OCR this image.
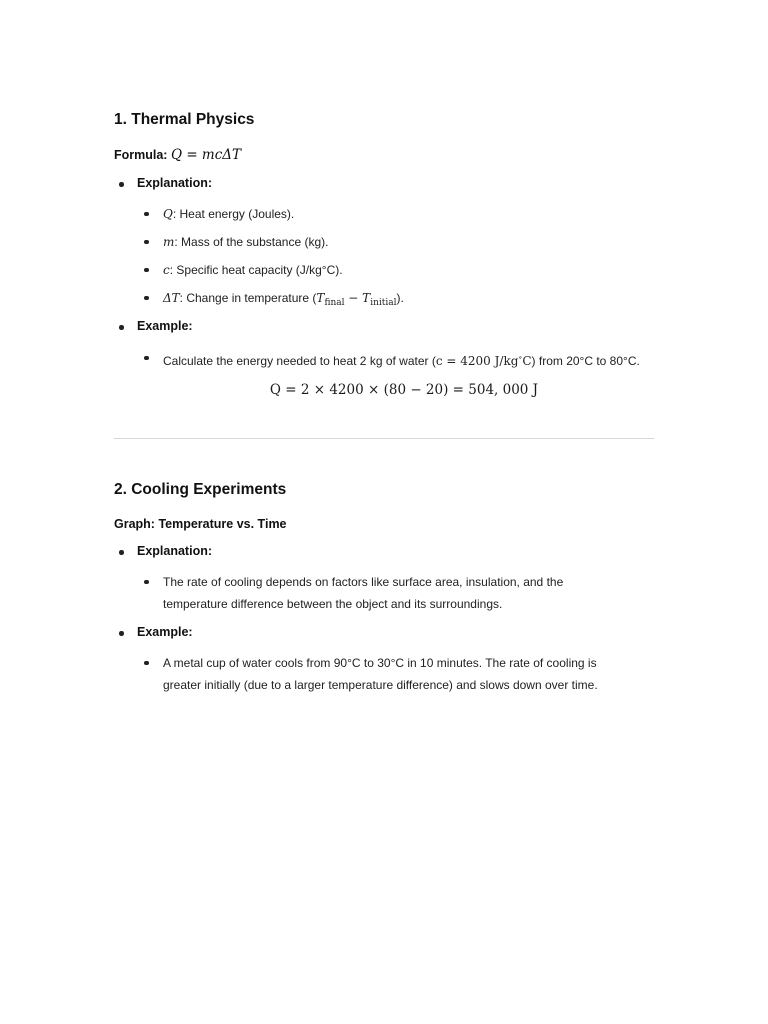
1. Thermal Physics

Formula: Q = mcΔT

Explanation:
Q: Heat energy (Joules).
m: Mass of the substance (kg).
c: Specific heat capacity (J/kg°C).
ΔT: Change in temperature $(T_{final} - T_{initial})$.
Example:
Calculate the energy needed to heat 2 kg of water (c = 4200 J/kg∘C) from 20°C to 80°C.

Q = 2 × 4200 × (80 − 20) = 504, 000 J

2. Cooling Experiments

Graph: Temperature vs. Time

Explanation:
The rate of cooling depends on factors like surface area, insulation, and the temperature difference between the object and its surroundings.
Example:
A metal cup of water cools from 90°C to 30°C in 10 minutes. The rate of cooling is greater initially (due to a larger temperature difference) and slows down over time.
